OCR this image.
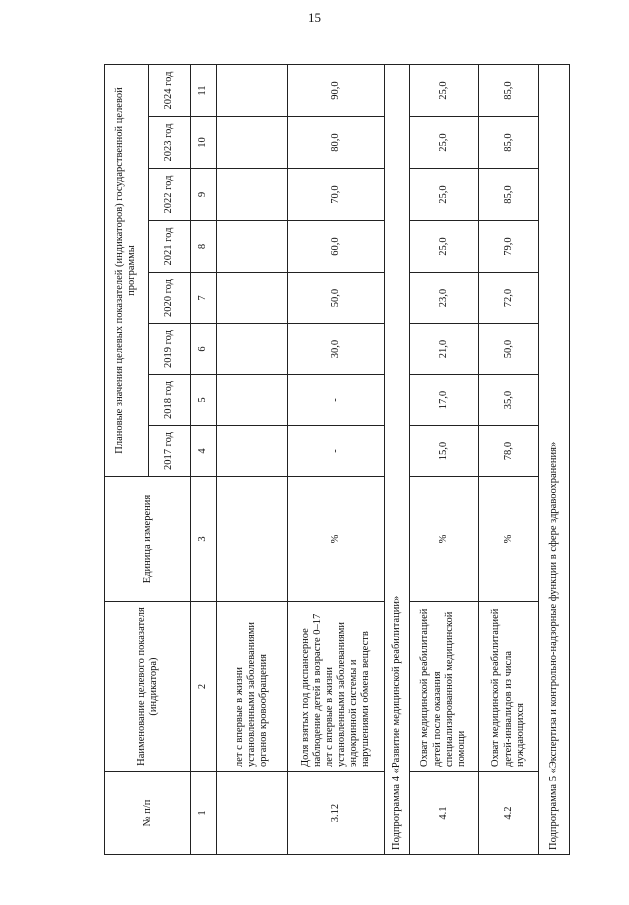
15
№ п/п	Наименование целевого показателя (индикатора)	Единица измерения	Плановые значения целевых показателей (индикаторов) государственной целевой программы							
			2017 год	2018 год	2019 год	2020 год	2021 год	2022 год	2023 год	2024 год
1	2	3	4	5	6	7	8	9	10	11
	лет с впервые в жизни установленными заболеваниями органов кровообращения									
3.12	Доля взятых под диспансерное наблюдение детей в возрасте 0–17 лет с впервые в жизни установленными заболеваниями эндокринной системы и нарушениями обмена веществ	%	-	-	30,0	50,0	60,0	70,0	80,0	90,0
Подпрограмма 4 «Развитие медицинской реабилитации»										
4.1	Охват медицинской реабилитацией детей после оказания специализированной медицинской помощи	%	15,0	17,0	21,0	23,0	25,0	25,0	25,0	25,0
4.2	Охват медицинской реабилитацией детей-инвалидов из числа нуждающихся	%	78,0	35,0	50,0	72,0	79,0	85,0	85,0	85,0
Подпрограмма 5 «Экспертиза и контрольно-надзорные функции в сфере здравоохранения»										
